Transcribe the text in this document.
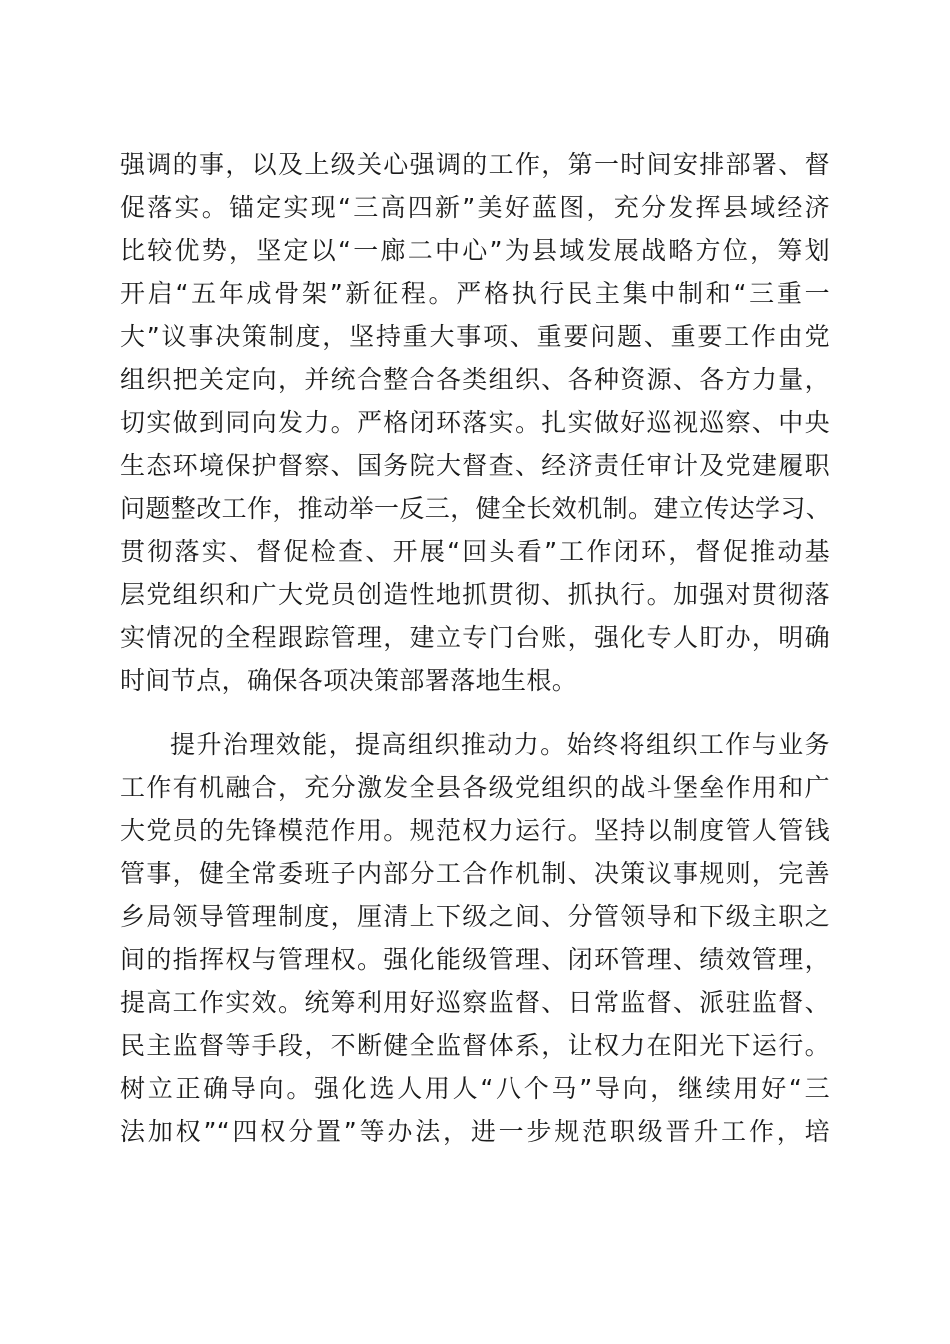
强调的事，以及上级关心强调的工作，第一时间安排部署、督
促落实。锚定实现“三高四新”美好蓝图，充分发挥县域经济
比较优势，坚定以“一廊二中心”为县域发展战略方位，筹划
开启“五年成骨架”新征程。严格执行民主集中制和“三重一
大”议事决策制度，坚持重大事项、重要问题、重要工作由党
组织把关定向，并统合整合各类组织、各种资源、各方力量，
切实做到同向发力。严格闭环落实。扎实做好巡视巡察、中央
生态环境保护督察、国务院大督查、经济责任审计及党建履职
问题整改工作，推动举一反三，健全长效机制。建立传达学习、
贯彻落实、督促检查、开展“回头看”工作闭环，督促推动基
层党组织和广大党员创造性地抓贯彻、抓执行。加强对贯彻落
实情况的全程跟踪管理，建立专门台账，强化专人盯办，明确
时间节点，确保各项决策部署落地生根。
提升治理效能，提高组织推动力。始终将组织工作与业务
工作有机融合，充分激发全县各级党组织的战斗堡垒作用和广
大党员的先锋模范作用。规范权力运行。坚持以制度管人管钱
管事，健全常委班子内部分工合作机制、决策议事规则，完善
乡局领导管理制度，厘清上下级之间、分管领导和下级主职之
间的指挥权与管理权。强化能级管理、闭环管理、绩效管理，
提高工作实效。统筹利用好巡察监督、日常监督、派驻监督、
民主监督等手段，不断健全监督体系，让权力在阳光下运行。
树立正确导向。强化选人用人“八个马”导向，继续用好“三
法加权”“四权分置”等办法，进一步规范职级晋升工作，培
